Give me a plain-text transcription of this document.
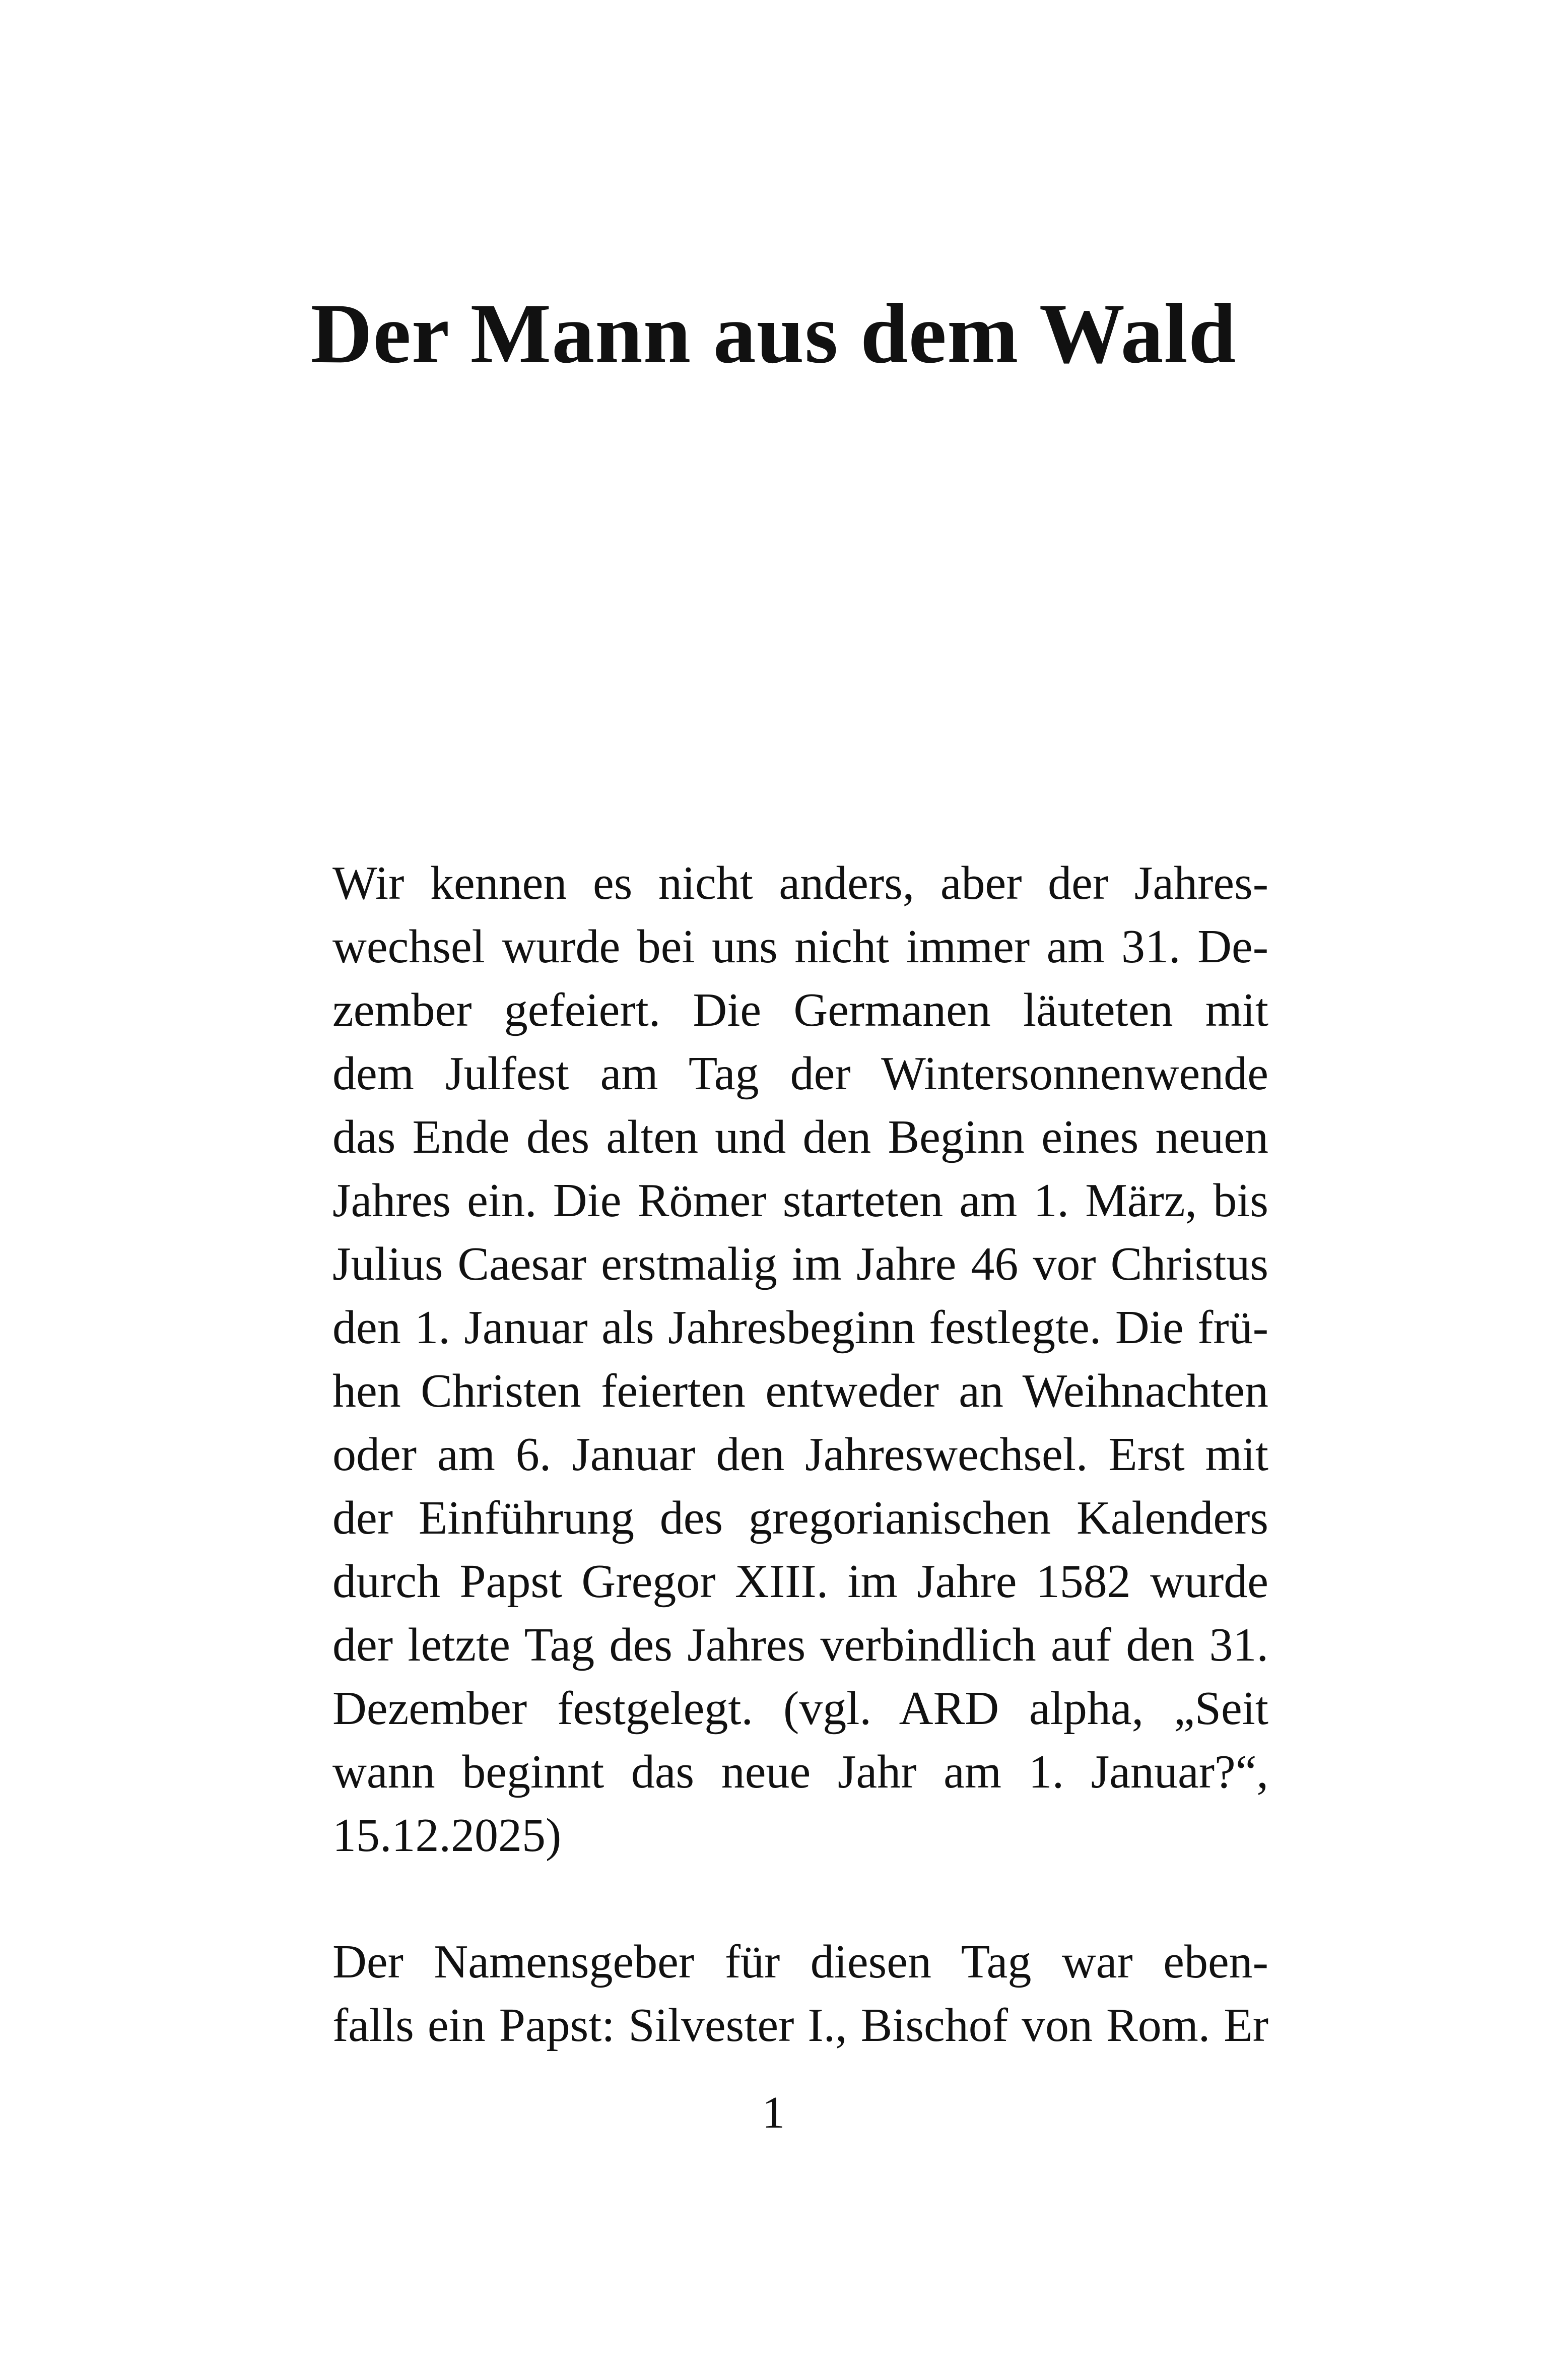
Der Mann aus dem Wald

Wir kennen es nicht anders, aber der Jahres-
wechsel wurde bei uns nicht immer am 31. De-
zember gefeiert. Die Germanen läuteten mit
dem Julfest am Tag der Wintersonnenwende
das Ende des alten und den Beginn eines neuen
Jahres ein. Die Römer starteten am 1. März, bis
Julius Caesar erstmalig im Jahre 46 vor Christus
den 1. Januar als Jahresbeginn festlegte. Die frü-
hen Christen feierten entweder an Weihnachten
oder am 6. Januar den Jahreswechsel. Erst mit
der Einführung des gregorianischen Kalenders
durch Papst Gregor XIII. im Jahre 1582 wurde
der letzte Tag des Jahres verbindlich auf den 31.
Dezember festgelegt. (vgl. ARD alpha, „Seit
wann beginnt das neue Jahr am 1. Januar?“,
15.12.2025)

Der Namensgeber für diesen Tag war eben-
falls ein Papst: Silvester I., Bischof von Rom. Er

1
